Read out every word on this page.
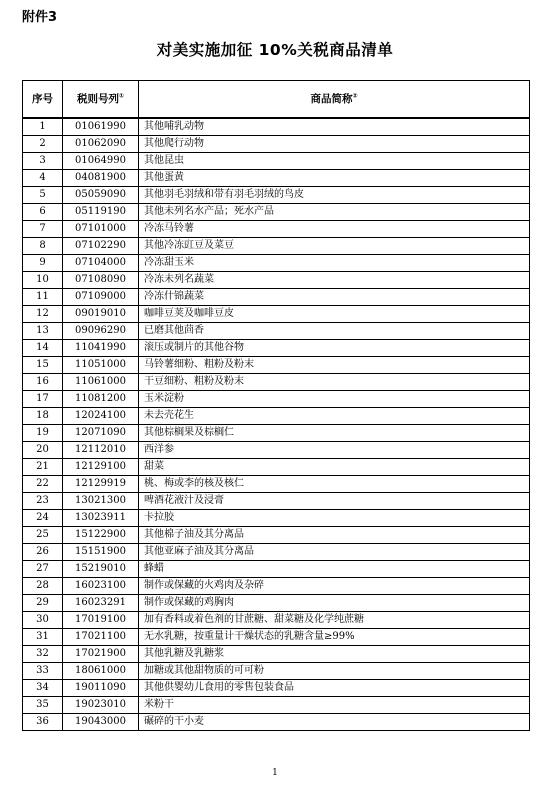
附件3
对美实施加征 10%关税商品清单
序号	税则号列①	商品简称②
1	01061990	其他哺乳动物
2	01062090	其他爬行动物
3	01064990	其他昆虫
4	04081900	其他蛋黄
5	05059090	其他羽毛羽绒和带有羽毛羽绒的鸟皮
6	05119190	其他未列名水产品；死水产品
7	07101000	冷冻马铃薯
8	07102290	其他冷冻豇豆及菜豆
9	07104000	冷冻甜玉米
10	07108090	冷冻未列名蔬菜
11	07109000	冷冻什锦蔬菜
12	09019010	咖啡豆荚及咖啡豆皮
13	09096290	已磨其他茴香
14	11041990	滚压或制片的其他谷物
15	11051000	马铃薯细粉、粗粉及粉末
16	11061000	干豆细粉、粗粉及粉末
17	11081200	玉米淀粉
18	12024100	未去壳花生
19	12071090	其他棕榈果及棕榈仁
20	12112010	西洋参
21	12129100	甜菜
22	12129919	桃、梅或李的核及核仁
23	13021300	啤酒花液汁及浸膏
24	13023911	卡拉胶
25	15122900	其他棉子油及其分离品
26	15151900	其他亚麻子油及其分离品
27	15219010	蜂蜡
28	16023100	制作或保藏的火鸡肉及杂碎
29	16023291	制作或保藏的鸡胸肉
30	17019100	加有香料或着色剂的甘蔗糖、甜菜糖及化学纯蔗糖
31	17021100	无水乳糖，按重量计干燥状态的乳糖含量≥99%
32	17021900	其他乳糖及乳糖浆
33	18061000	加糖或其他甜物质的可可粉
34	19011090	其他供婴幼儿食用的零售包装食品
35	19023010	米粉干
36	19043000	碾碎的干小麦
1
